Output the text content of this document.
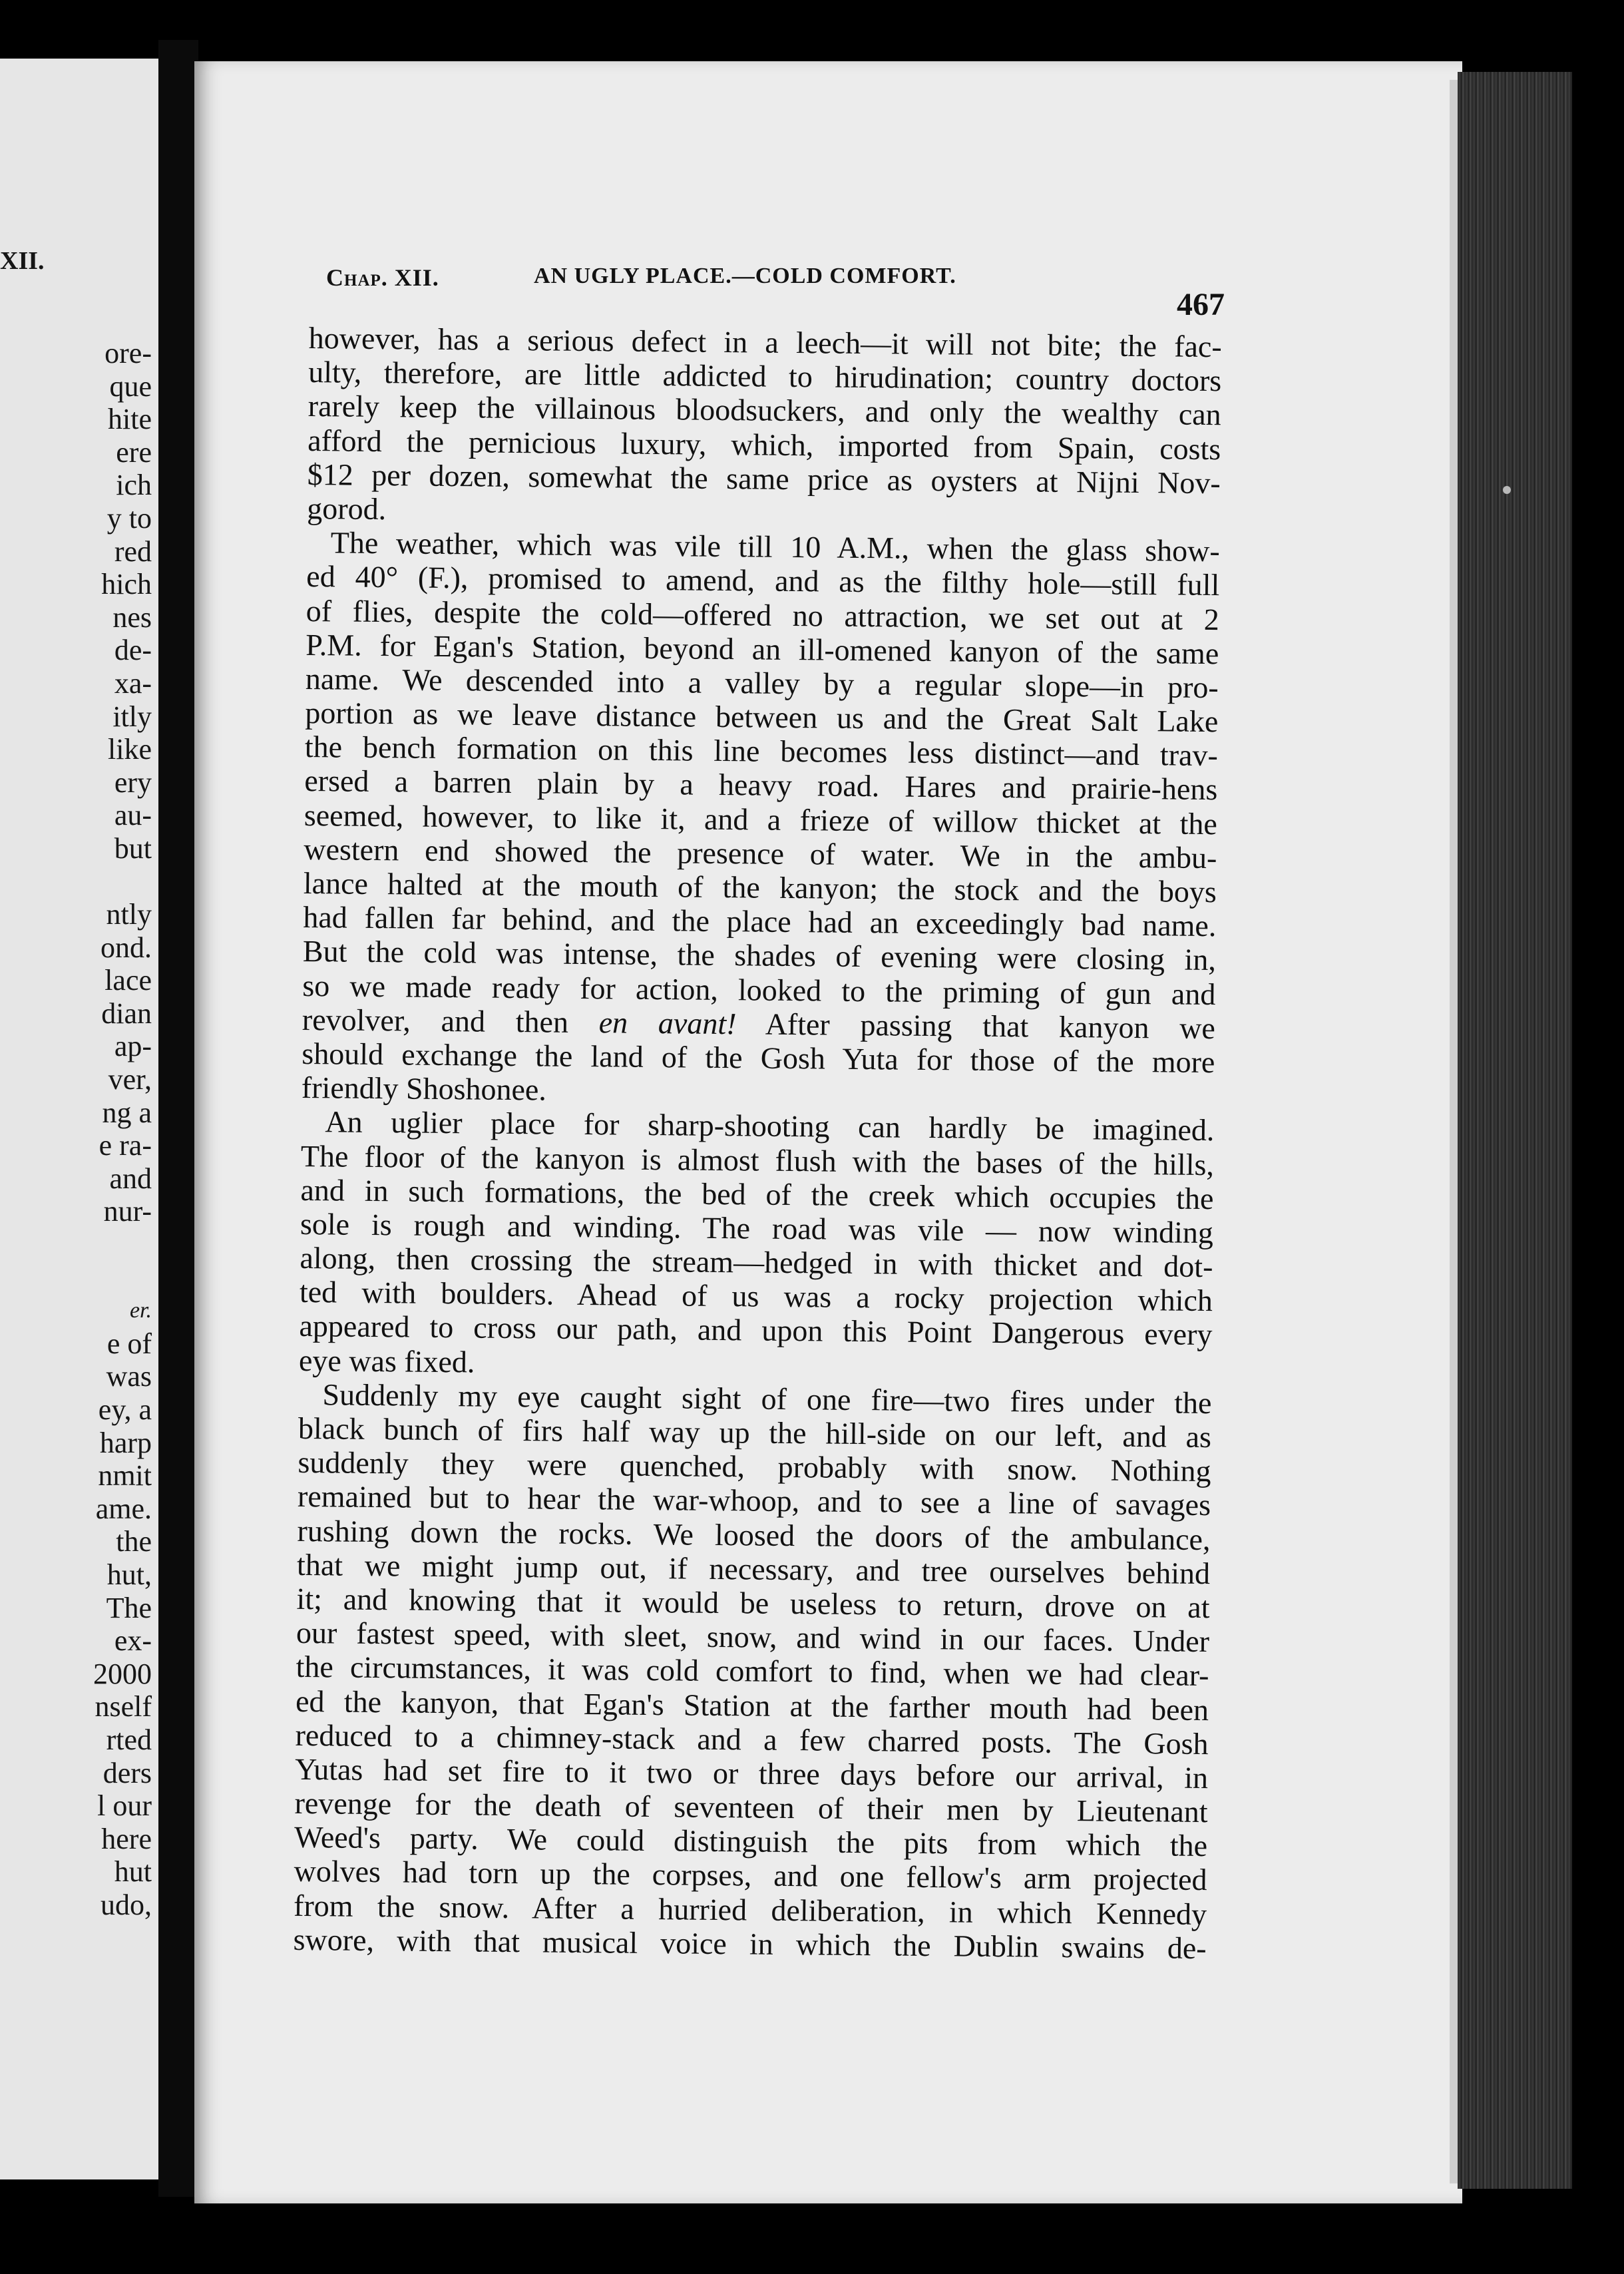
XII.
ore-
que
hite
ere
ich
y to
red
hich
nes
de-
xa-
itly
like
ery
au-
but
ntly
ond.
lace
dian
ap-
ver,
ng a
e ra-
and
nur-
er.
e of
was
ey, a
harp
nmit
ame.
the
hut,
The
ex-
2000
nself
rted
ders
l our
here
hut
udo,
Chap. XII.	AN UGLY PLACE.—COLD COMFORT.
467
however, has a serious defect in a leech—it will not bite; the fac-
ulty, therefore, are little addicted to hirudination; country doctors
rarely keep the villainous bloodsuckers, and only the wealthy can
afford the pernicious luxury, which, imported from Spain, costs
$12 per dozen, somewhat the same price as oysters at Nijni Nov-
gorod.
The weather, which was vile till 10 A.M., when the glass show-
ed 40° (F.), promised to amend, and as the filthy hole—still full
of flies, despite the cold—offered no attraction, we set out at 2
P.M. for Egan's Station, beyond an ill-omened kanyon of the same
name. We descended into a valley by a regular slope—in pro-
portion as we leave distance between us and the Great Salt Lake
the bench formation on this line becomes less distinct—and trav-
ersed a barren plain by a heavy road. Hares and prairie-hens
seemed, however, to like it, and a frieze of willow thicket at the
western end showed the presence of water. We in the ambu-
lance halted at the mouth of the kanyon; the stock and the boys
had fallen far behind, and the place had an exceedingly bad name.
But the cold was intense, the shades of evening were closing in,
so we made ready for action, looked to the priming of gun and
revolver, and then en avant! After passing that kanyon we
should exchange the land of the Gosh Yuta for those of the more
friendly Shoshonee.
An uglier place for sharp-shooting can hardly be imagined.
The floor of the kanyon is almost flush with the bases of the hills,
and in such formations, the bed of the creek which occupies the
sole is rough and winding. The road was vile — now winding
along, then crossing the stream—hedged in with thicket and dot-
ted with boulders. Ahead of us was a rocky projection which
appeared to cross our path, and upon this Point Dangerous every
eye was fixed.
Suddenly my eye caught sight of one fire—two fires under the
black bunch of firs half way up the hill-side on our left, and as
suddenly they were quenched, probably with snow. Nothing
remained but to hear the war-whoop, and to see a line of savages
rushing down the rocks. We loosed the doors of the ambulance,
that we might jump out, if necessary, and tree ourselves behind
it; and knowing that it would be useless to return, drove on at
our fastest speed, with sleet, snow, and wind in our faces. Under
the circumstances, it was cold comfort to find, when we had clear-
ed the kanyon, that Egan's Station at the farther mouth had been
reduced to a chimney-stack and a few charred posts. The Gosh
Yutas had set fire to it two or three days before our arrival, in
revenge for the death of seventeen of their men by Lieutenant
Weed's party. We could distinguish the pits from which the
wolves had torn up the corpses, and one fellow's arm projected
from the snow. After a hurried deliberation, in which Kennedy
swore, with that musical voice in which the Dublin swains de-
